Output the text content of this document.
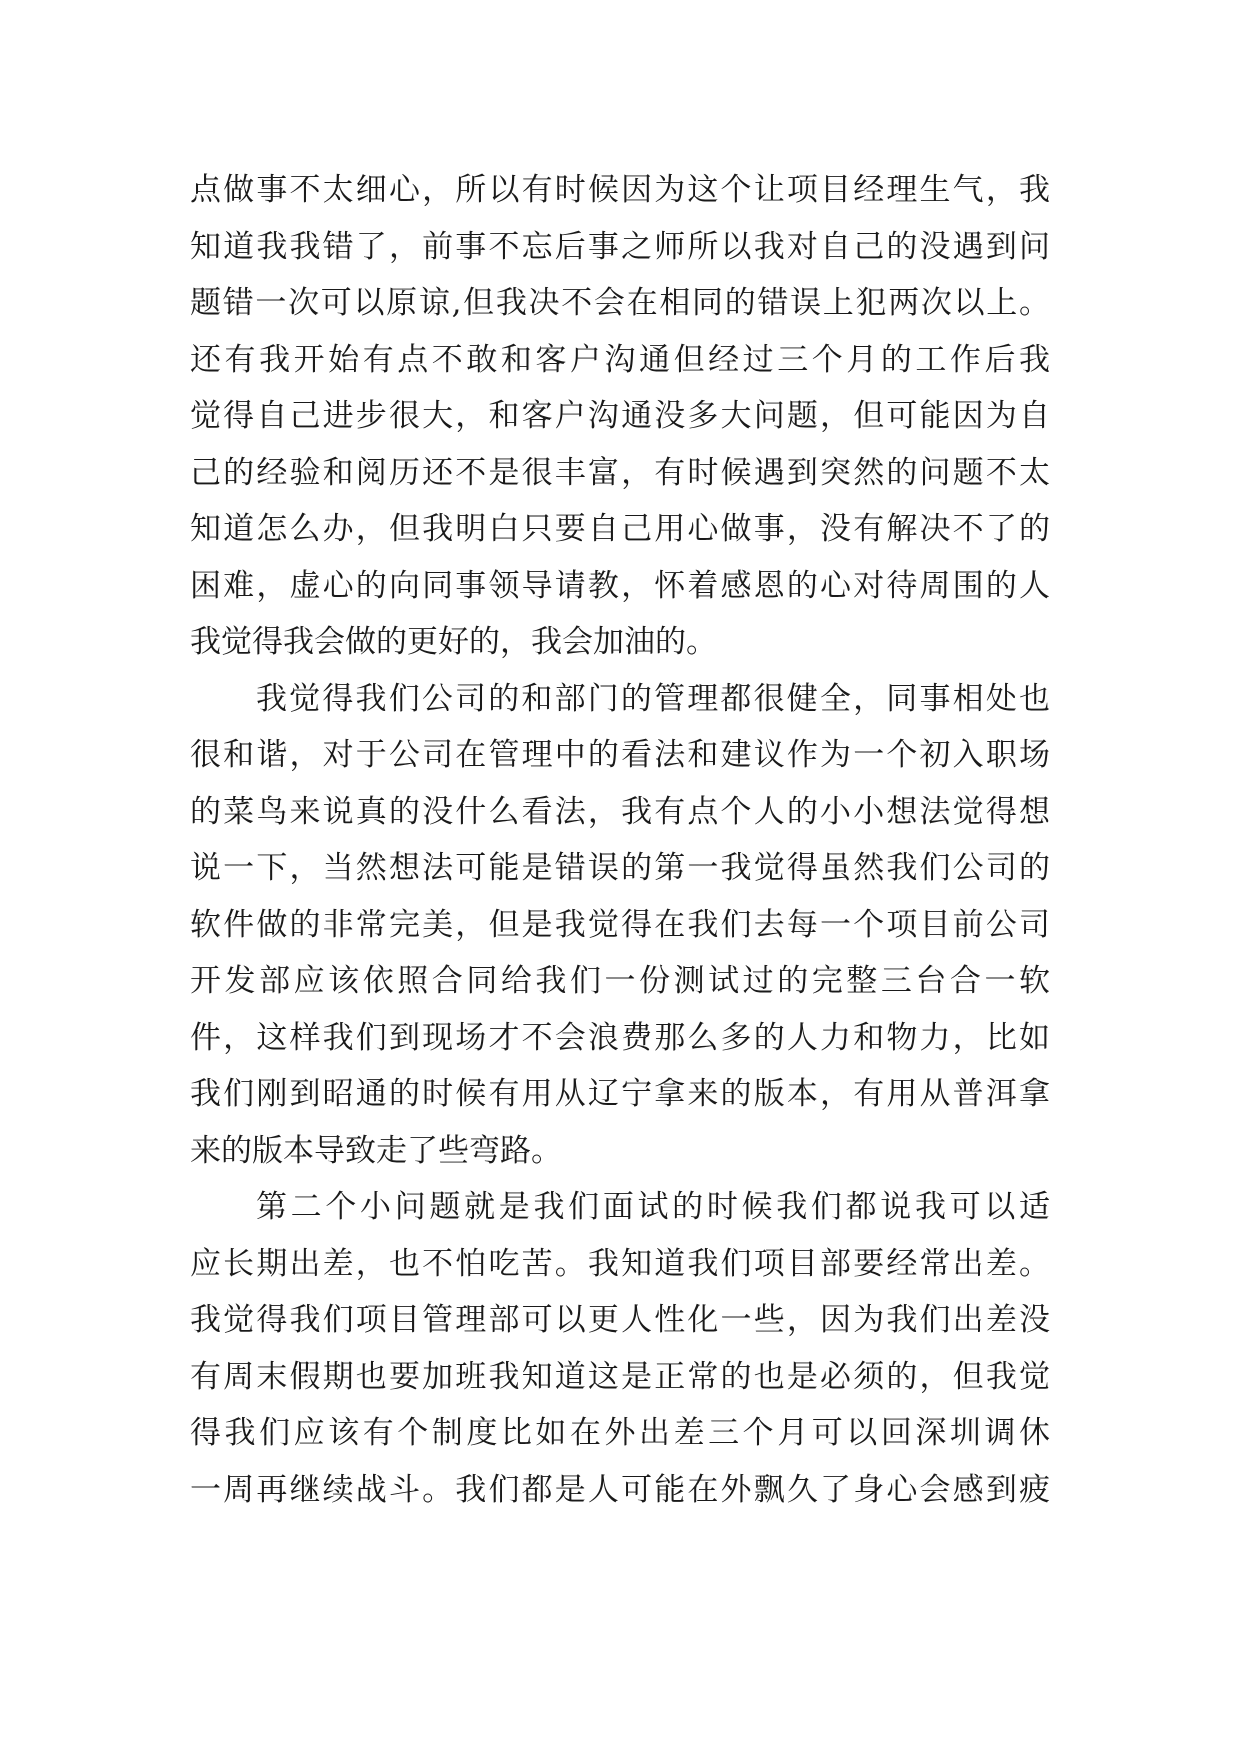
点做事不太细心，所以有时候因为这个让项目经理生气，我
知道我我错了，前事不忘后事之师所以我对自己的没遇到问
题错一次可以原谅,但我决不会在相同的错误上犯两次以上。
还有我开始有点不敢和客户沟通但经过三个月的工作后我
觉得自己进步很大，和客户沟通没多大问题，但可能因为自
己的经验和阅历还不是很丰富，有时候遇到突然的问题不太
知道怎么办，但我明白只要自己用心做事，没有解决不了的
困难，虚心的向同事领导请教，怀着感恩的心对待周围的人
我觉得我会做的更好的，我会加油的。
我觉得我们公司的和部门的管理都很健全，同事相处也
很和谐，对于公司在管理中的看法和建议作为一个初入职场
的菜鸟来说真的没什么看法，我有点个人的小小想法觉得想
说一下，当然想法可能是错误的第一我觉得虽然我们公司的
软件做的非常完美，但是我觉得在我们去每一个项目前公司
开发部应该依照合同给我们一份测试过的完整三台合一软
件，这样我们到现场才不会浪费那么多的人力和物力，比如
我们刚到昭通的时候有用从辽宁拿来的版本，有用从普洱拿
来的版本导致走了些弯路。
第二个小问题就是我们面试的时候我们都说我可以适
应长期出差，也不怕吃苦。我知道我们项目部要经常出差。
我觉得我们项目管理部可以更人性化一些，因为我们出差没
有周末假期也要加班我知道这是正常的也是必须的，但我觉
得我们应该有个制度比如在外出差三个月可以回深圳调休
一周再继续战斗。我们都是人可能在外飘久了身心会感到疲
